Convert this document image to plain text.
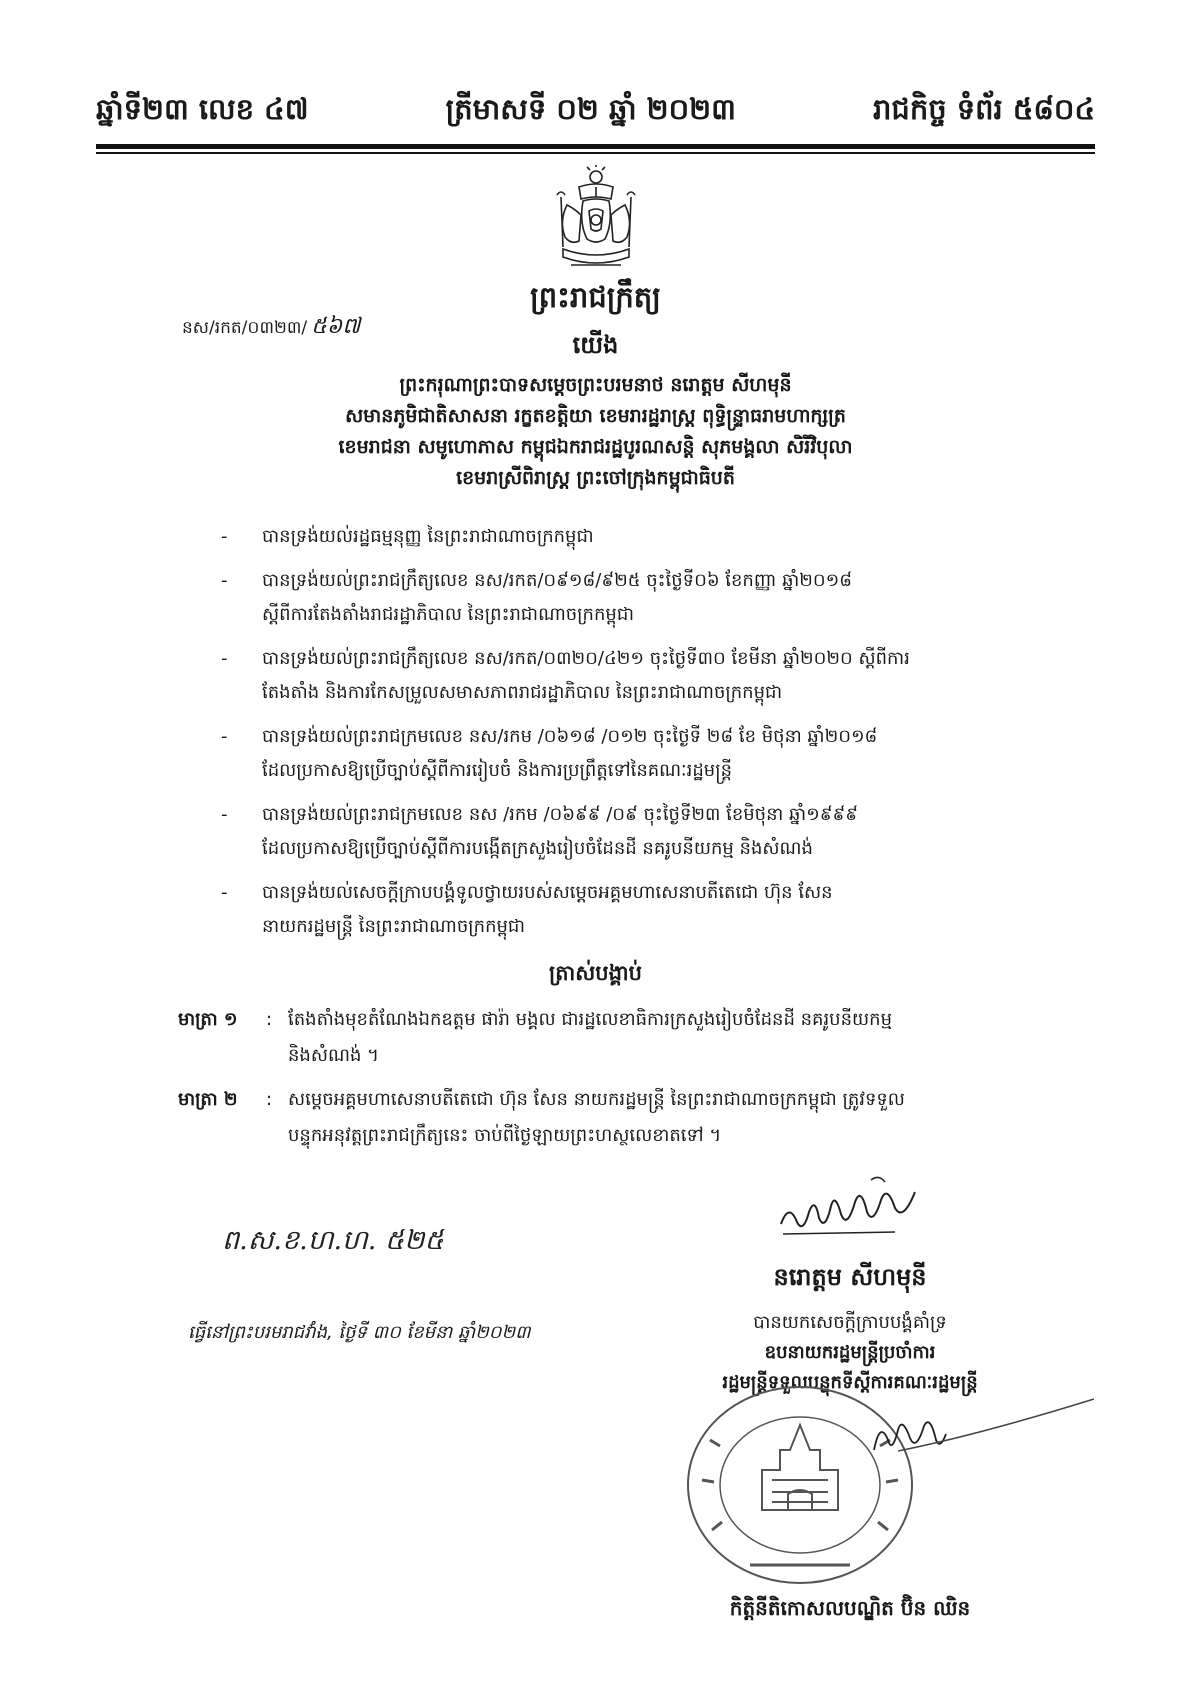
ឆ្នាំទី២៣ លេខ ៤៧	ត្រីមាសទី ០២ ឆ្នាំ ២០២៣	រាជកិច្ច ទំព័រ ៥៨០៤
ព្រះរាជក្រឹត្យ
នស/រកត/០៣២៣/ ៥៦៧
យើង
ព្រះករុណាព្រះបាទសម្តេចព្រះបរមនាថ នរោត្តម សីហមុនី
សមានភូមិជាតិសាសនា រក្ខតខត្តិយា ខេមរារដ្ឋរាស្ត្រ ពុទ្ធិន្ទ្រាធរាមហាក្សត្រ
ខេមរាជនា សមូហោភាស កម្ពុជឯករាជរដ្ឋបូរណសន្តិ សុភមង្គលា សិរីវិបុលា
ខេមរាស្រីពិរាស្ត្រ ព្រះចៅក្រុងកម្ពុជាធិបតី
- បានទ្រង់យល់រដ្ឋធម្មនុញ្ញ នៃព្រះរាជាណាចក្រកម្ពុជា
- បានទ្រង់យល់ព្រះរាជក្រឹត្យលេខ នស/រកត/០៩១៨/៩២៥ ចុះថ្ងៃទី០៦ ខែកញ្ញា ឆ្នាំ២០១៨
ស្តីពីការតែងតាំងរាជរដ្ឋាភិបាល នៃព្រះរាជាណាចក្រកម្ពុជា
- បានទ្រង់យល់ព្រះរាជក្រឹត្យលេខ នស/រកត/០៣២០/៤២១ ចុះថ្ងៃទី៣០ ខែមីនា ឆ្នាំ២០២០ ស្តីពីការ
តែងតាំង និងការកែសម្រួលសមាសភាពរាជរដ្ឋាភិបាល នៃព្រះរាជាណាចក្រកម្ពុជា
- បានទ្រង់យល់ព្រះរាជក្រមលេខ នស/រកម /០៦១៨ /០១២ ចុះថ្ងៃទី ២៨ ខែ មិថុនា ឆ្នាំ២០១៨
ដែលប្រកាសឱ្យប្រើច្បាប់ស្តីពីការរៀបចំ និងការប្រព្រឹត្តទៅនៃគណៈរដ្ឋមន្ត្រី
- បានទ្រង់យល់ព្រះរាជក្រមលេខ នស /រកម /០៦៩៩ /០៩ ចុះថ្ងៃទី២៣ ខែមិថុនា ឆ្នាំ១៩៩៩
ដែលប្រកាសឱ្យប្រើច្បាប់ស្តីពីការបង្កើតក្រសួងរៀបចំដែនដី នគរូបនីយកម្ម និងសំណង់
- បានទ្រង់យល់សេចក្តីក្រាបបង្គំទូលថ្វាយរបស់សម្តេចអគ្គមហាសេនាបតីតេជោ ហ៊ុន សែន
នាយករដ្ឋមន្ត្រី នៃព្រះរាជាណាចក្រកម្ពុជា
ត្រាស់បង្គាប់
មាត្រា ១ : តែងតាំងមុខតំណែងឯកឧត្តម ផារ៉ា មង្គល ជារដ្ឋលេខាធិការក្រសួងរៀបចំដែនដី នគរូបនីយកម្ម
និងសំណង់ ។
មាត្រា ២ : សម្តេចអគ្គមហាសេនាបតីតេជោ ហ៊ុន សែន នាយករដ្ឋមន្ត្រី នៃព្រះរាជាណាចក្រកម្ពុជា ត្រូវទទួល
បន្ទុកអនុវត្តព្រះរាជក្រឹត្យនេះ ចាប់ពីថ្ងៃឡាយព្រះហស្ថលេខាតទៅ ។
ព.ស.ខ.ហ.ហ. ៥២៥
ធ្វើនៅព្រះបរមរាជវាំង, ថ្ងៃទី ៣០ ខែមីនា ឆ្នាំ២០២៣
នរោត្តម សីហមុនី
បានយកសេចក្តីក្រាបបង្គំគាំទ្រ
ឧបនាយករដ្ឋមន្ត្រីប្រចាំការ
រដ្ឋមន្ត្រីទទួលបន្ទុកទីស្តីការគណៈរដ្ឋមន្ត្រី
កិត្តិនីតិកោសលបណ្ឌិត ប៊ិន ឈិន
